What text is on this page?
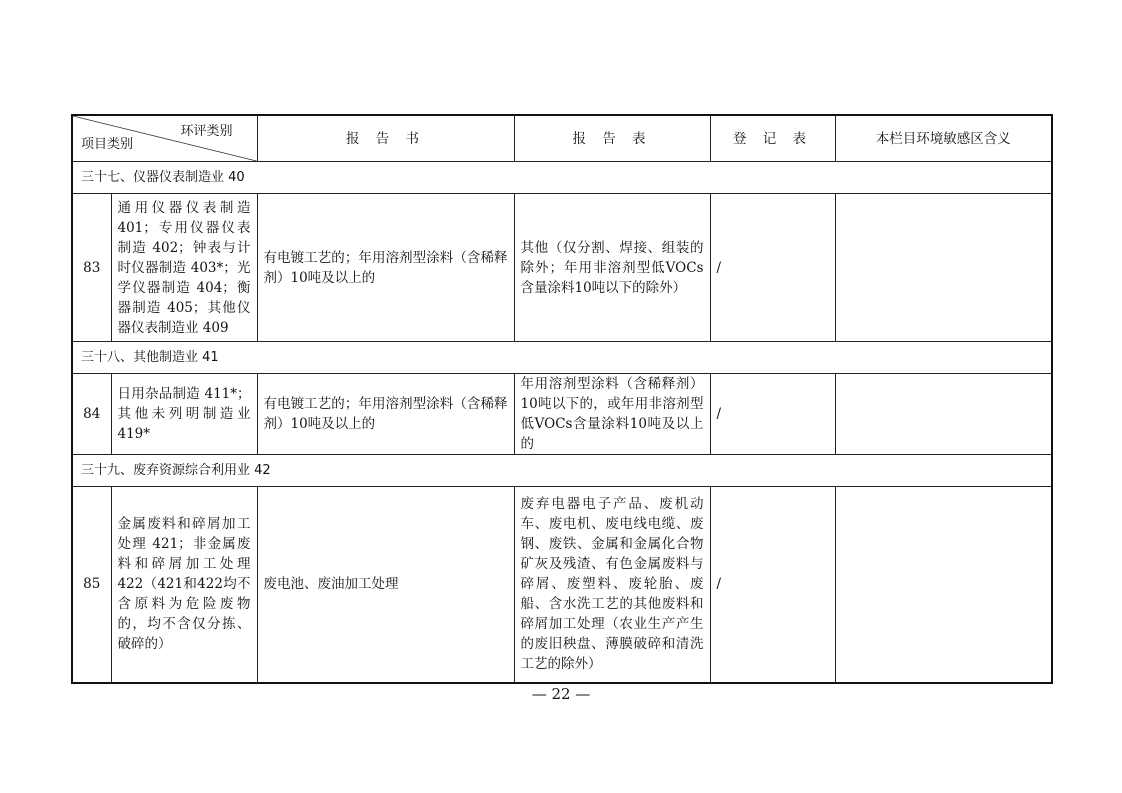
环评类别
项目类别		报 告 书	报 告 表	登 记 表	本栏目环境敏感区含义
三十七、仪器仪表制造业 40					
83	通用仪器仪表制造 401；专用仪器仪表制造 402；钟表与计时仪器制造 403*；光学仪器制造 404；衡器制造 405；其他仪器仪表制造业 409	有电镀工艺的；年用溶剂型涂料（含稀释剂）10吨及以上的	其他（仅分割、焊接、组装的除外；年用非溶剂型低VOCs含量涂料10吨以下的除外）	/	
三十八、其他制造业 41					
84	日用杂品制造 411*；其他未列明制造业 419*	有电镀工艺的；年用溶剂型涂料（含稀释剂）10吨及以上的	年用溶剂型涂料（含稀释剂）10吨以下的，或年用非溶剂型低VOCs含量涂料10吨及以上的	/	
三十九、废弃资源综合利用业 42					
85	金属废料和碎屑加工处理 421；非金属废料和碎屑加工处理 422（421和422均不含原料为危险废物的，均不含仅分拣、破碎的）	废电池、废油加工处理	废弃电器电子产品、废机动车、废电机、废电线电缆、废钢、废铁、金属和金属化合物矿灰及残渣、有色金属废料与碎屑、废塑料、废轮胎、废船、含水洗工艺的其他废料和碎屑加工处理（农业生产产生的废旧秧盘、薄膜破碎和清洗工艺的除外）	/	
— 22 —
